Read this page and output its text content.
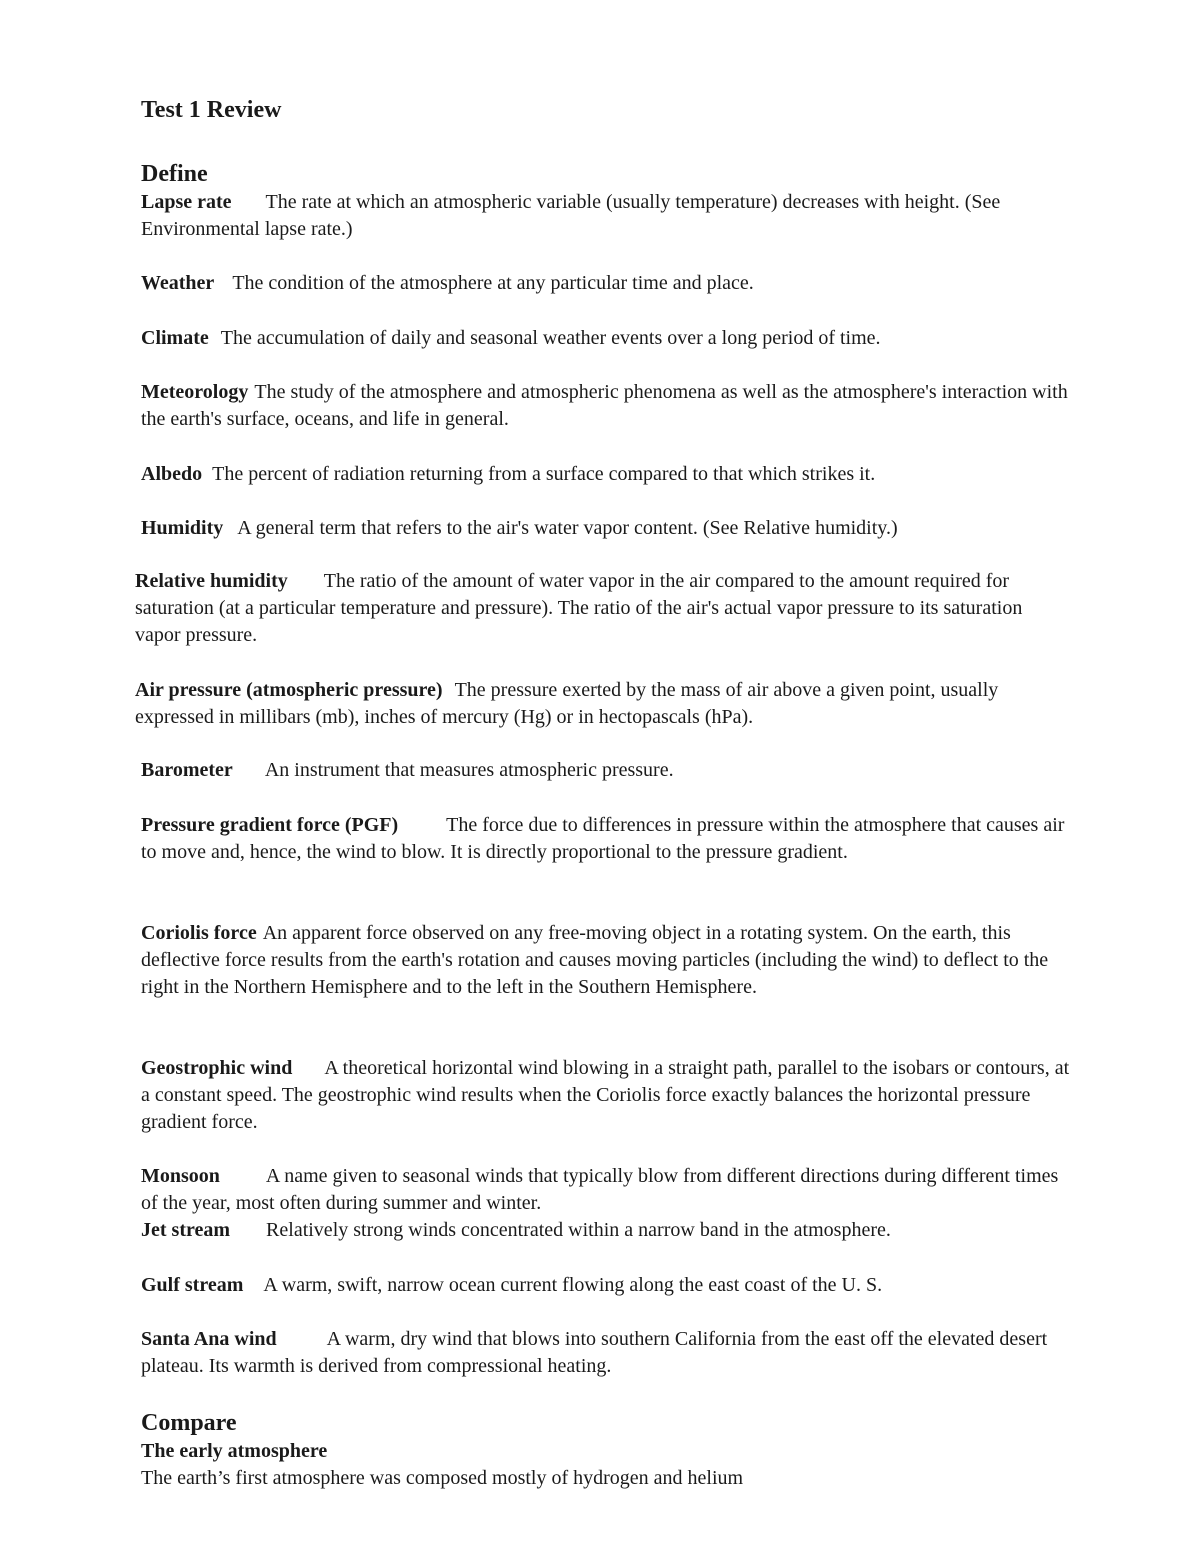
Test 1 Review
Define

Lapse rate The rate at which an atmospheric variable (usually temperature) decreases with height. (See Environmental lapse rate.)

Weather The condition of the atmosphere at any particular time and place.

Climate The accumulation of daily and seasonal weather events over a long period of time.

Meteorology The study of the atmosphere and atmospheric phenomena as well as the atmosphere's interaction with the earth's surface, oceans, and life in general.

Albedo The percent of radiation returning from a surface compared to that which strikes it.

Humidity A general term that refers to the air's water vapor content. (See Relative humidity.)

Relative humidity The ratio of the amount of water vapor in the air compared to the amount required for saturation (at a particular temperature and pressure). The ratio of the air's actual vapor pressure to its saturation vapor pressure.

Air pressure (atmospheric pressure) The pressure exerted by the mass of air above a given point, usually expressed in millibars (mb), inches of mercury (Hg) or in hectopascals (hPa).

Barometer An instrument that measures atmospheric pressure.

Pressure gradient force (PGF) The force due to differences in pressure within the atmosphere that causes air to move and, hence, the wind to blow. It is directly proportional to the pressure gradient.

Coriolis force An apparent force observed on any free-moving object in a rotating system. On the earth, this deflective force results from the earth's rotation and causes moving particles (including the wind) to deflect to the right in the Northern Hemisphere and to the left in the Southern Hemisphere.

Geostrophic wind A theoretical horizontal wind blowing in a straight path, parallel to the isobars or contours, at a constant speed. The geostrophic wind results when the Coriolis force exactly balances the horizontal pressure gradient force.

Monsoon A name given to seasonal winds that typically blow from different directions during different times of the year, most often during summer and winter.

Jet stream Relatively strong winds concentrated within a narrow band in the atmosphere.

Gulf stream A warm, swift, narrow ocean current flowing along the east coast of the U. S.

Santa Ana wind	A warm, dry wind that blows into southern California from the east off the elevated desert plateau. Its warmth is derived from compressional heating.

Compare

The early atmosphere

The earth’s first atmosphere was composed mostly of hydrogen and helium
